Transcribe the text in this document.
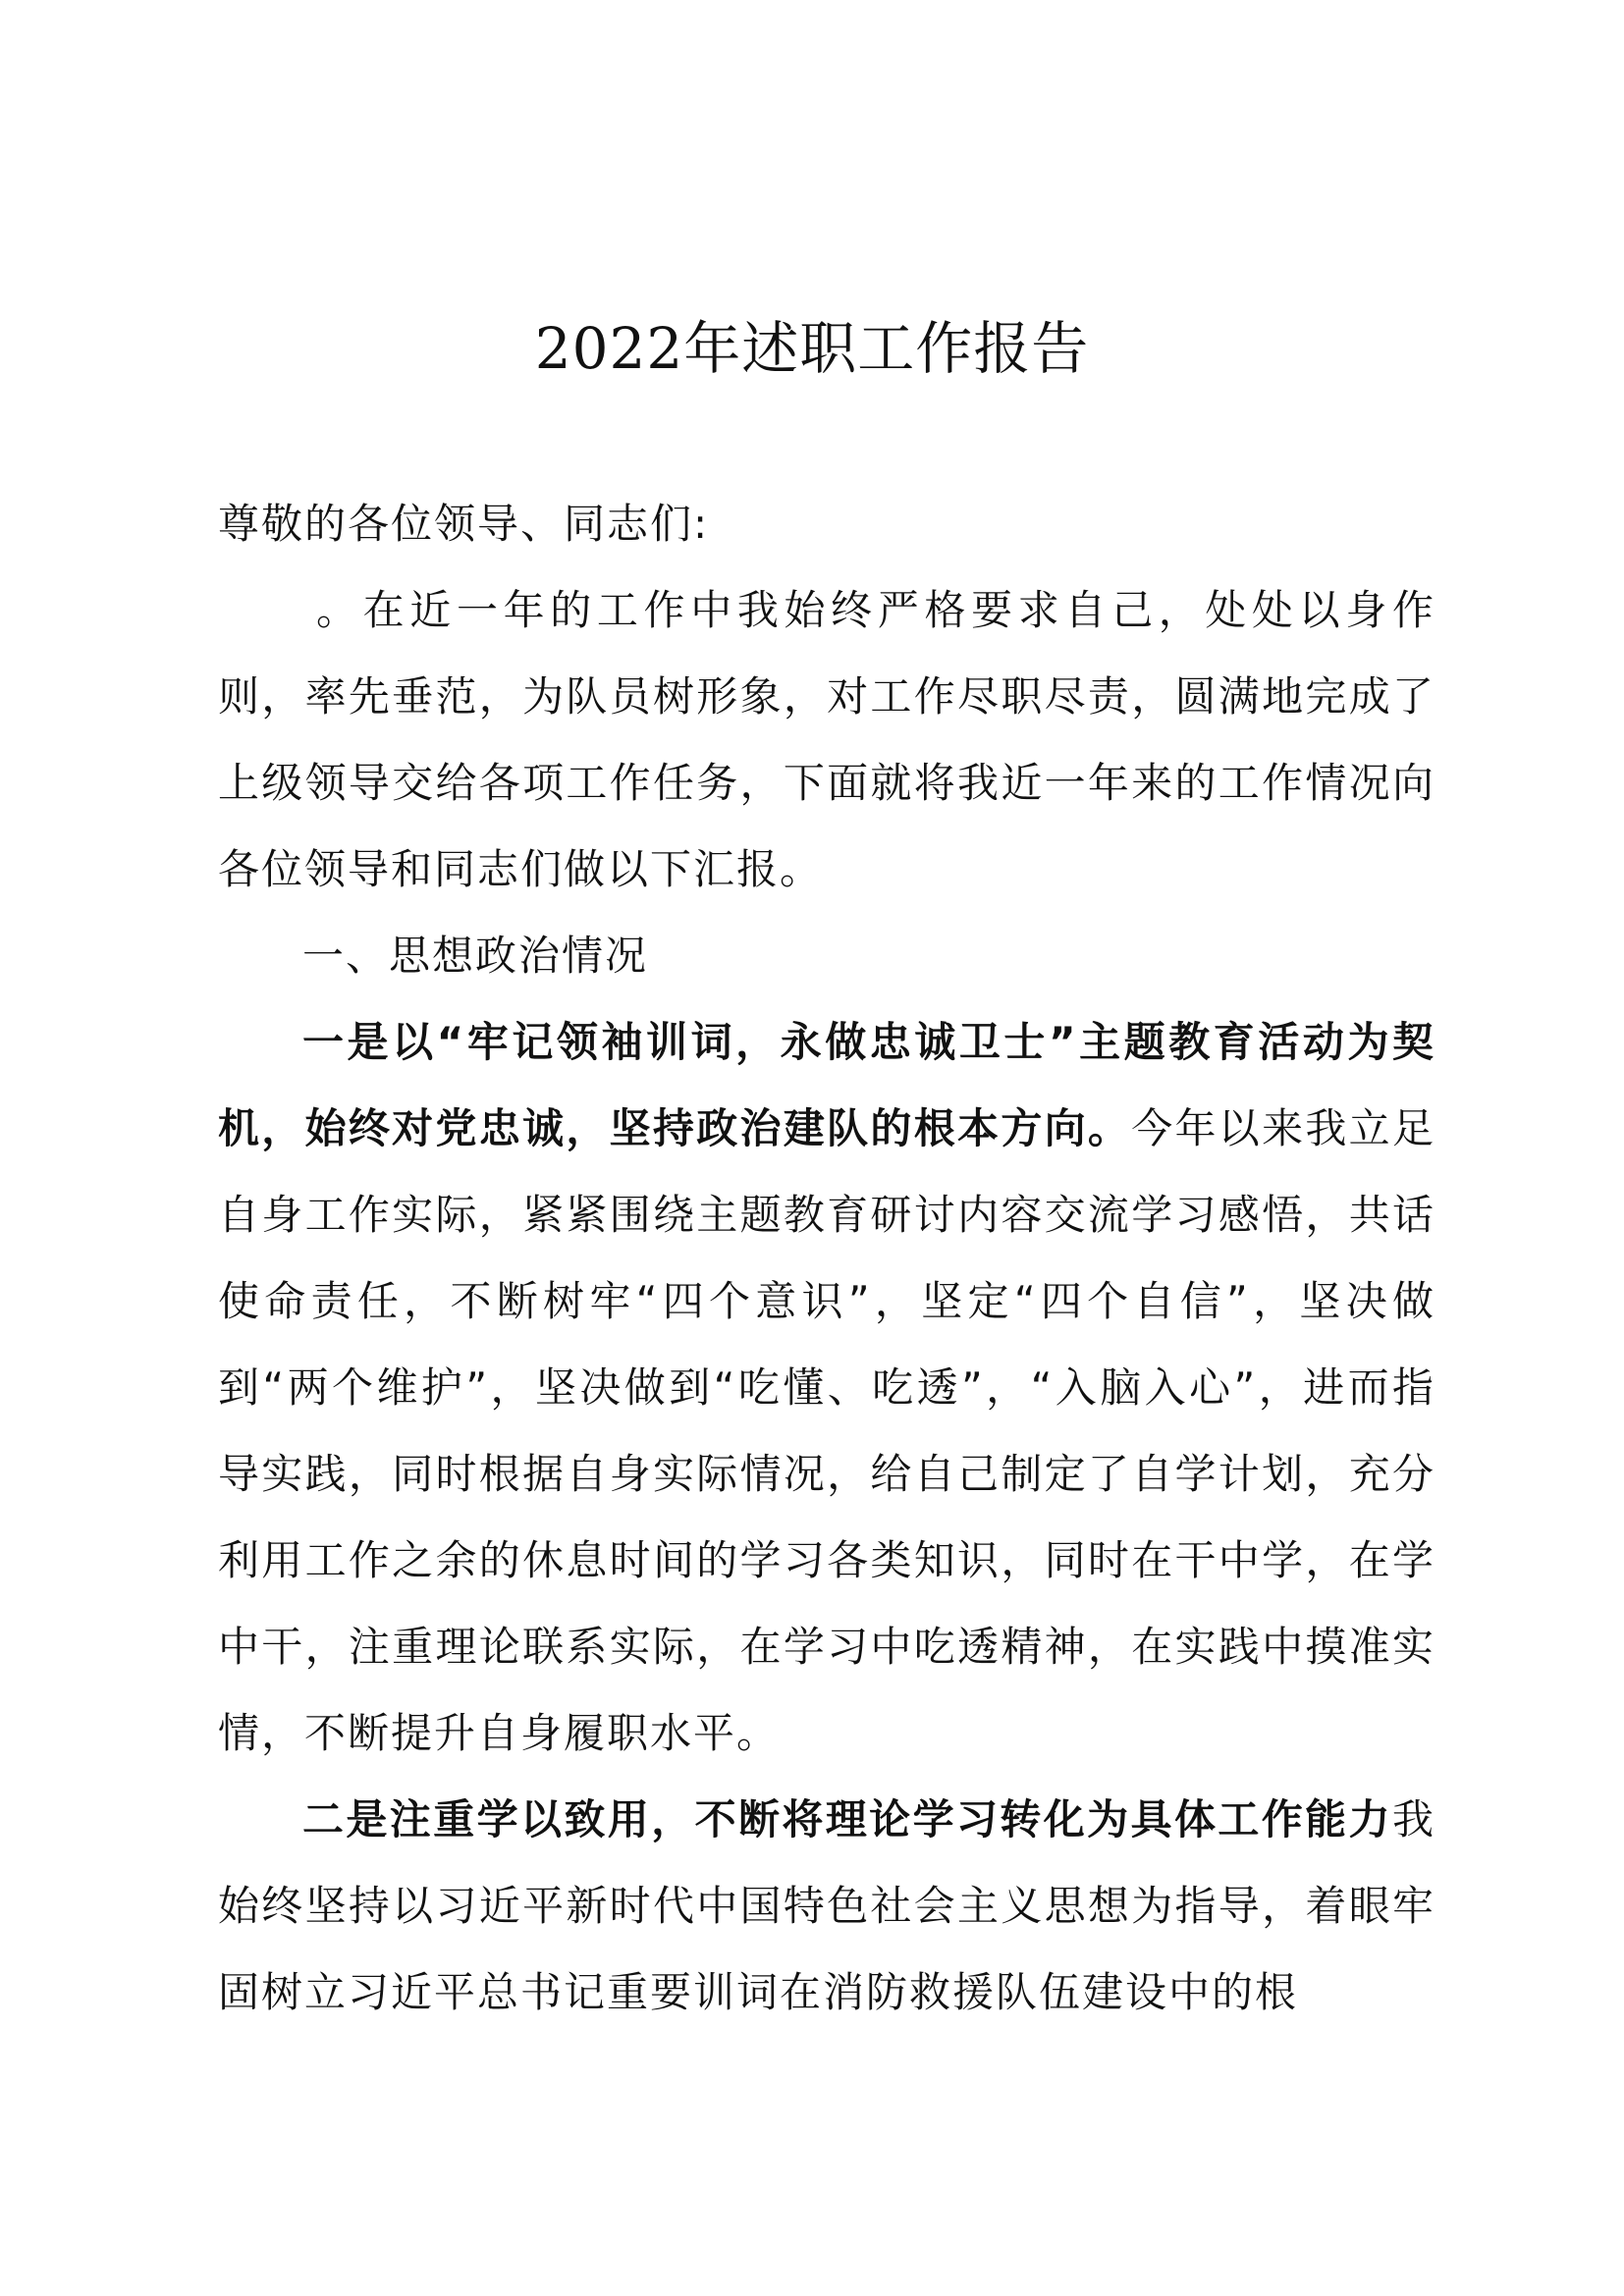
2022年述职工作报告

尊敬的各位领导、同志们:

。在近一年的工作中我始终严格要求自己，处处以身作则，率先垂范，为队员树形象，对工作尽职尽责，圆满地完成了上级领导交给各项工作任务，下面就将我近一年来的工作情况向各位领导和同志们做以下汇报。

一、思想政治情况

一是以“牢记领袖训词，永做忠诚卫士”主题教育活动为契机，始终对党忠诚，坚持政治建队的根本方向。今年以来我立足自身工作实际，紧紧围绕主题教育研讨内容交流学习感悟，共话使命责任，不断树牢“四个意识”，坚定“四个自信”，坚决做到“两个维护”，坚决做到“吃懂、吃透”，“入脑入心”，进而指导实践，同时根据自身实际情况，给自己制定了自学计划，充分利用工作之余的休息时间的学习各类知识，同时在干中学，在学中干，注重理论联系实际，在学习中吃透精神，在实践中摸准实情，不断提升自身履职水平。

二是注重学以致用，不断将理论学习转化为具体工作能力我始终坚持以习近平新时代中国特色社会主义思想为指导，着眼牢固树立习近平总书记重要训词在消防救援队伍建设中的根
